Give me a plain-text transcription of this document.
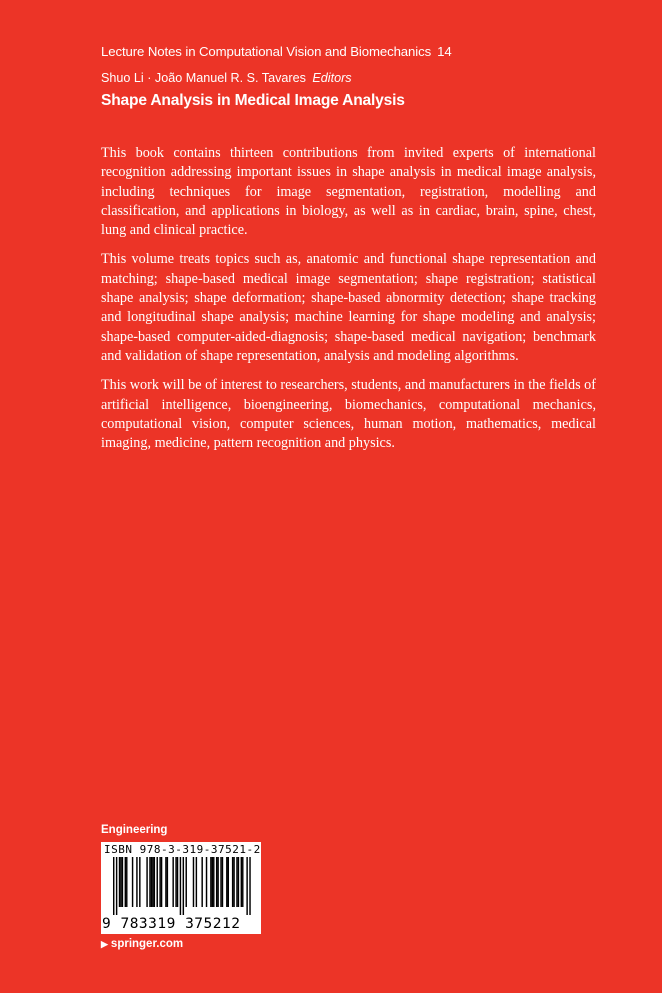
Lecture Notes in Computational Vision and Biomechanics 14
Shuo Li · João Manuel R. S. Tavares Editors
Shape Analysis in Medical Image Analysis

This book contains thirteen contributions from invited experts of international recognition addressing important issues in shape analysis in medical image analysis, including techniques for image segmentation, registration, modelling and classification, and applications in biology, as well as in cardiac, brain, spine, chest, lung and clinical practice.

This volume treats topics such as, anatomic and functional shape representation and matching; shape-based medical image segmentation; shape registration; statistical shape analysis; shape deformation; shape-based abnormity detection; shape tracking and longitudinal shape analysis; machine learning for shape modeling and analysis; shape-based computer-aided-diagnosis; shape-based medical navigation; benchmark and validation of shape representation, analysis and modeling algorithms.

This work will be of interest to researchers, students, and manufacturers in the fields of artificial intelligence, bioengineering, biomechanics, computational mechanics, computational vision, computer sciences, human motion, mathematics, medical imaging, medicine, pattern recognition and physics.

Engineering
ISBN 978-3-319-37521-2
9 783319 375212
▶ springer.com
